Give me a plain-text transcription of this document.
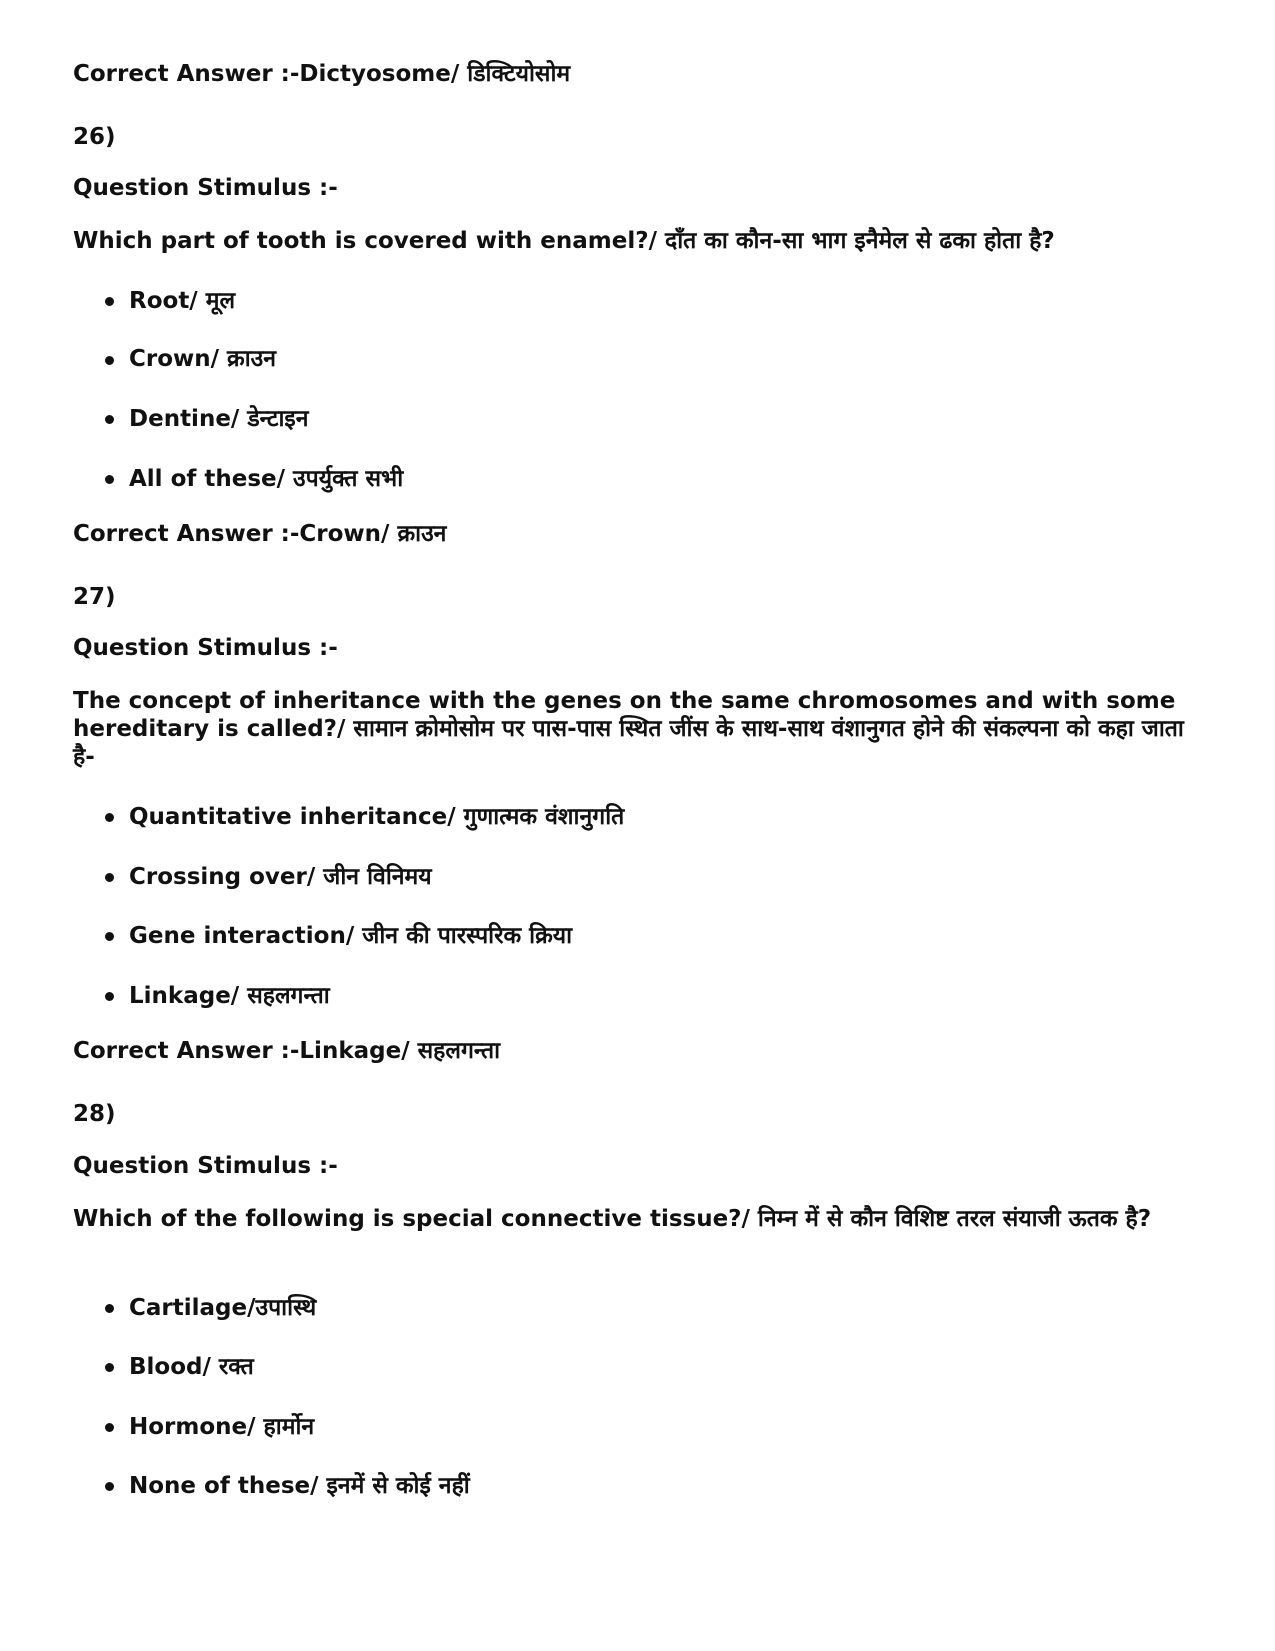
Correct Answer :-Dictyosome/ डिक्टियोसोम
26)
Question Stimulus :-
Which part of tooth is covered with enamel?/ दाँत का कौन-सा भाग इनैमेल से ढका होता है?
Root/ मूल
Crown/ क्राउन
Dentine/ डेन्टाइन
All of these/ उपर्युक्त सभी
Correct Answer :-Crown/ क्राउन
27)
Question Stimulus :-
The concept of inheritance with the genes on the same chromosomes and with some hereditary is called?/ सामान क्रोमोसोम पर पास-पास स्थित जींस के साथ-साथ वंशानुगत होने की संकल्पना को कहा जाता है-
Quantitative inheritance/ गुणात्मक वंशानुगति
Crossing over/ जीन विनिमय
Gene interaction/ जीन की पारस्परिक क्रिया
Linkage/ सहलगन्ता
Correct Answer :-Linkage/ सहलगन्ता
28)
Question Stimulus :-
Which of the following is special connective tissue?/ निम्न में से कौन विशिष्ट तरल संयाजी ऊतक है?
Cartilage/उपास्थि
Blood/ रक्त
Hormone/ हार्मोन
None of these/ इनमें से कोई नहीं
